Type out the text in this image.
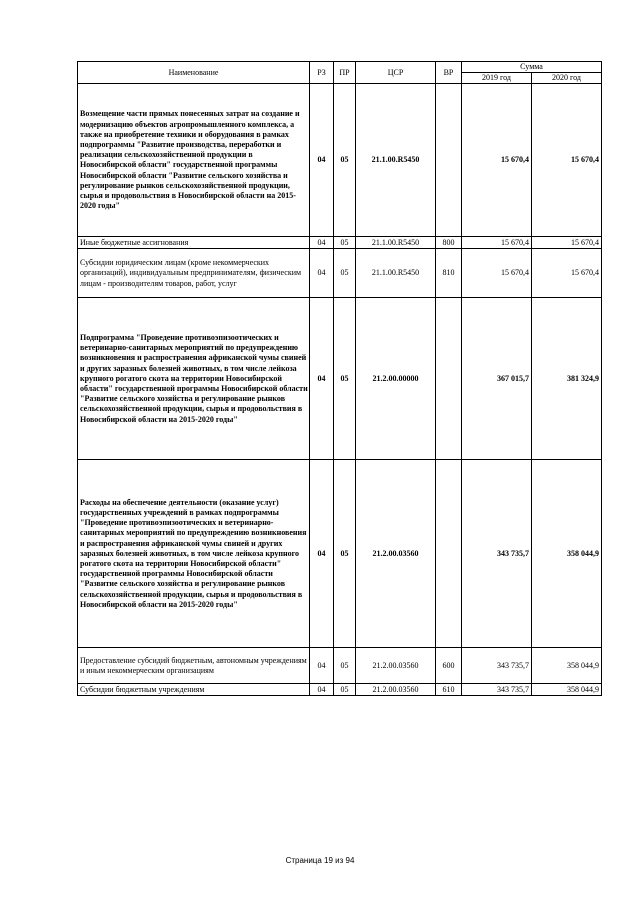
Наименование	РЗ	ПР	ЦСР	ВР	Сумма	
					2019 год	2020 год
Возмещение части прямых понесенных затрат на создание и модернизацию объектов агропромышленного комплекса, а также на приобретение техники и оборудования в рамках подпрограммы "Развитие производства, переработки и реализации сельскохозяйственной продукции в Новосибирской области" государственной программы Новосибирской области "Развитие сельского хозяйства и регулирование рынков сельскохозяйственной продукции, сырья и продовольствия в Новосибирской области на 2015-2020 годы"	04	05	21.1.00.R5450		15 670,4	15 670,4
Иные бюджетные ассигнования	04	05	21.1.00.R5450	800	15 670,4	15 670,4
Субсидии юридическим лицам (кроме некоммерческих организаций), индивидуальным предпринимателям, физическим лицам - производителям товаров, работ, услуг	04	05	21.1.00.R5450	810	15 670,4	15 670,4
Подпрограмма "Проведение противоэпизоотических и ветеринарно-санитарных мероприятий по предупреждению возникновения и распространения африканской чумы свиней и других заразных болезней животных, в том числе лейкоза крупного рогатого скота на территории Новосибирской области" государственной программы Новосибирской области "Развитие сельского хозяйства и регулирование рынков сельскохозяйственной продукции, сырья и продовольствия в Новосибирской области на 2015-2020 годы"	04	05	21.2.00.00000		367 015,7	381 324,9
Расходы на обеспечение деятельности (оказание услуг) государственных учреждений в рамках подпрограммы "Проведение противоэпизоотических и ветеринарно-санитарных мероприятий по предупреждению возникновения и распространения африканской чумы свиней и других заразных болезней животных, в том числе лейкоза крупного рогатого скота на территории Новосибирской области" государственной программы Новосибирской области "Развитие сельского хозяйства и регулирование рынков сельскохозяйственной продукции, сырья и продовольствия в Новосибирской области на 2015-2020 годы"	04	05	21.2.00.03560		343 735,7	358 044,9
Предоставление субсидий бюджетным, автономным учреждениям и иным некоммерческим организациям	04	05	21.2.00.03560	600	343 735,7	358 044,9
Субсидии бюджетным учреждениям	04	05	21.2.00.03560	610	343 735,7	358 044,9
Страница 19 из 94
